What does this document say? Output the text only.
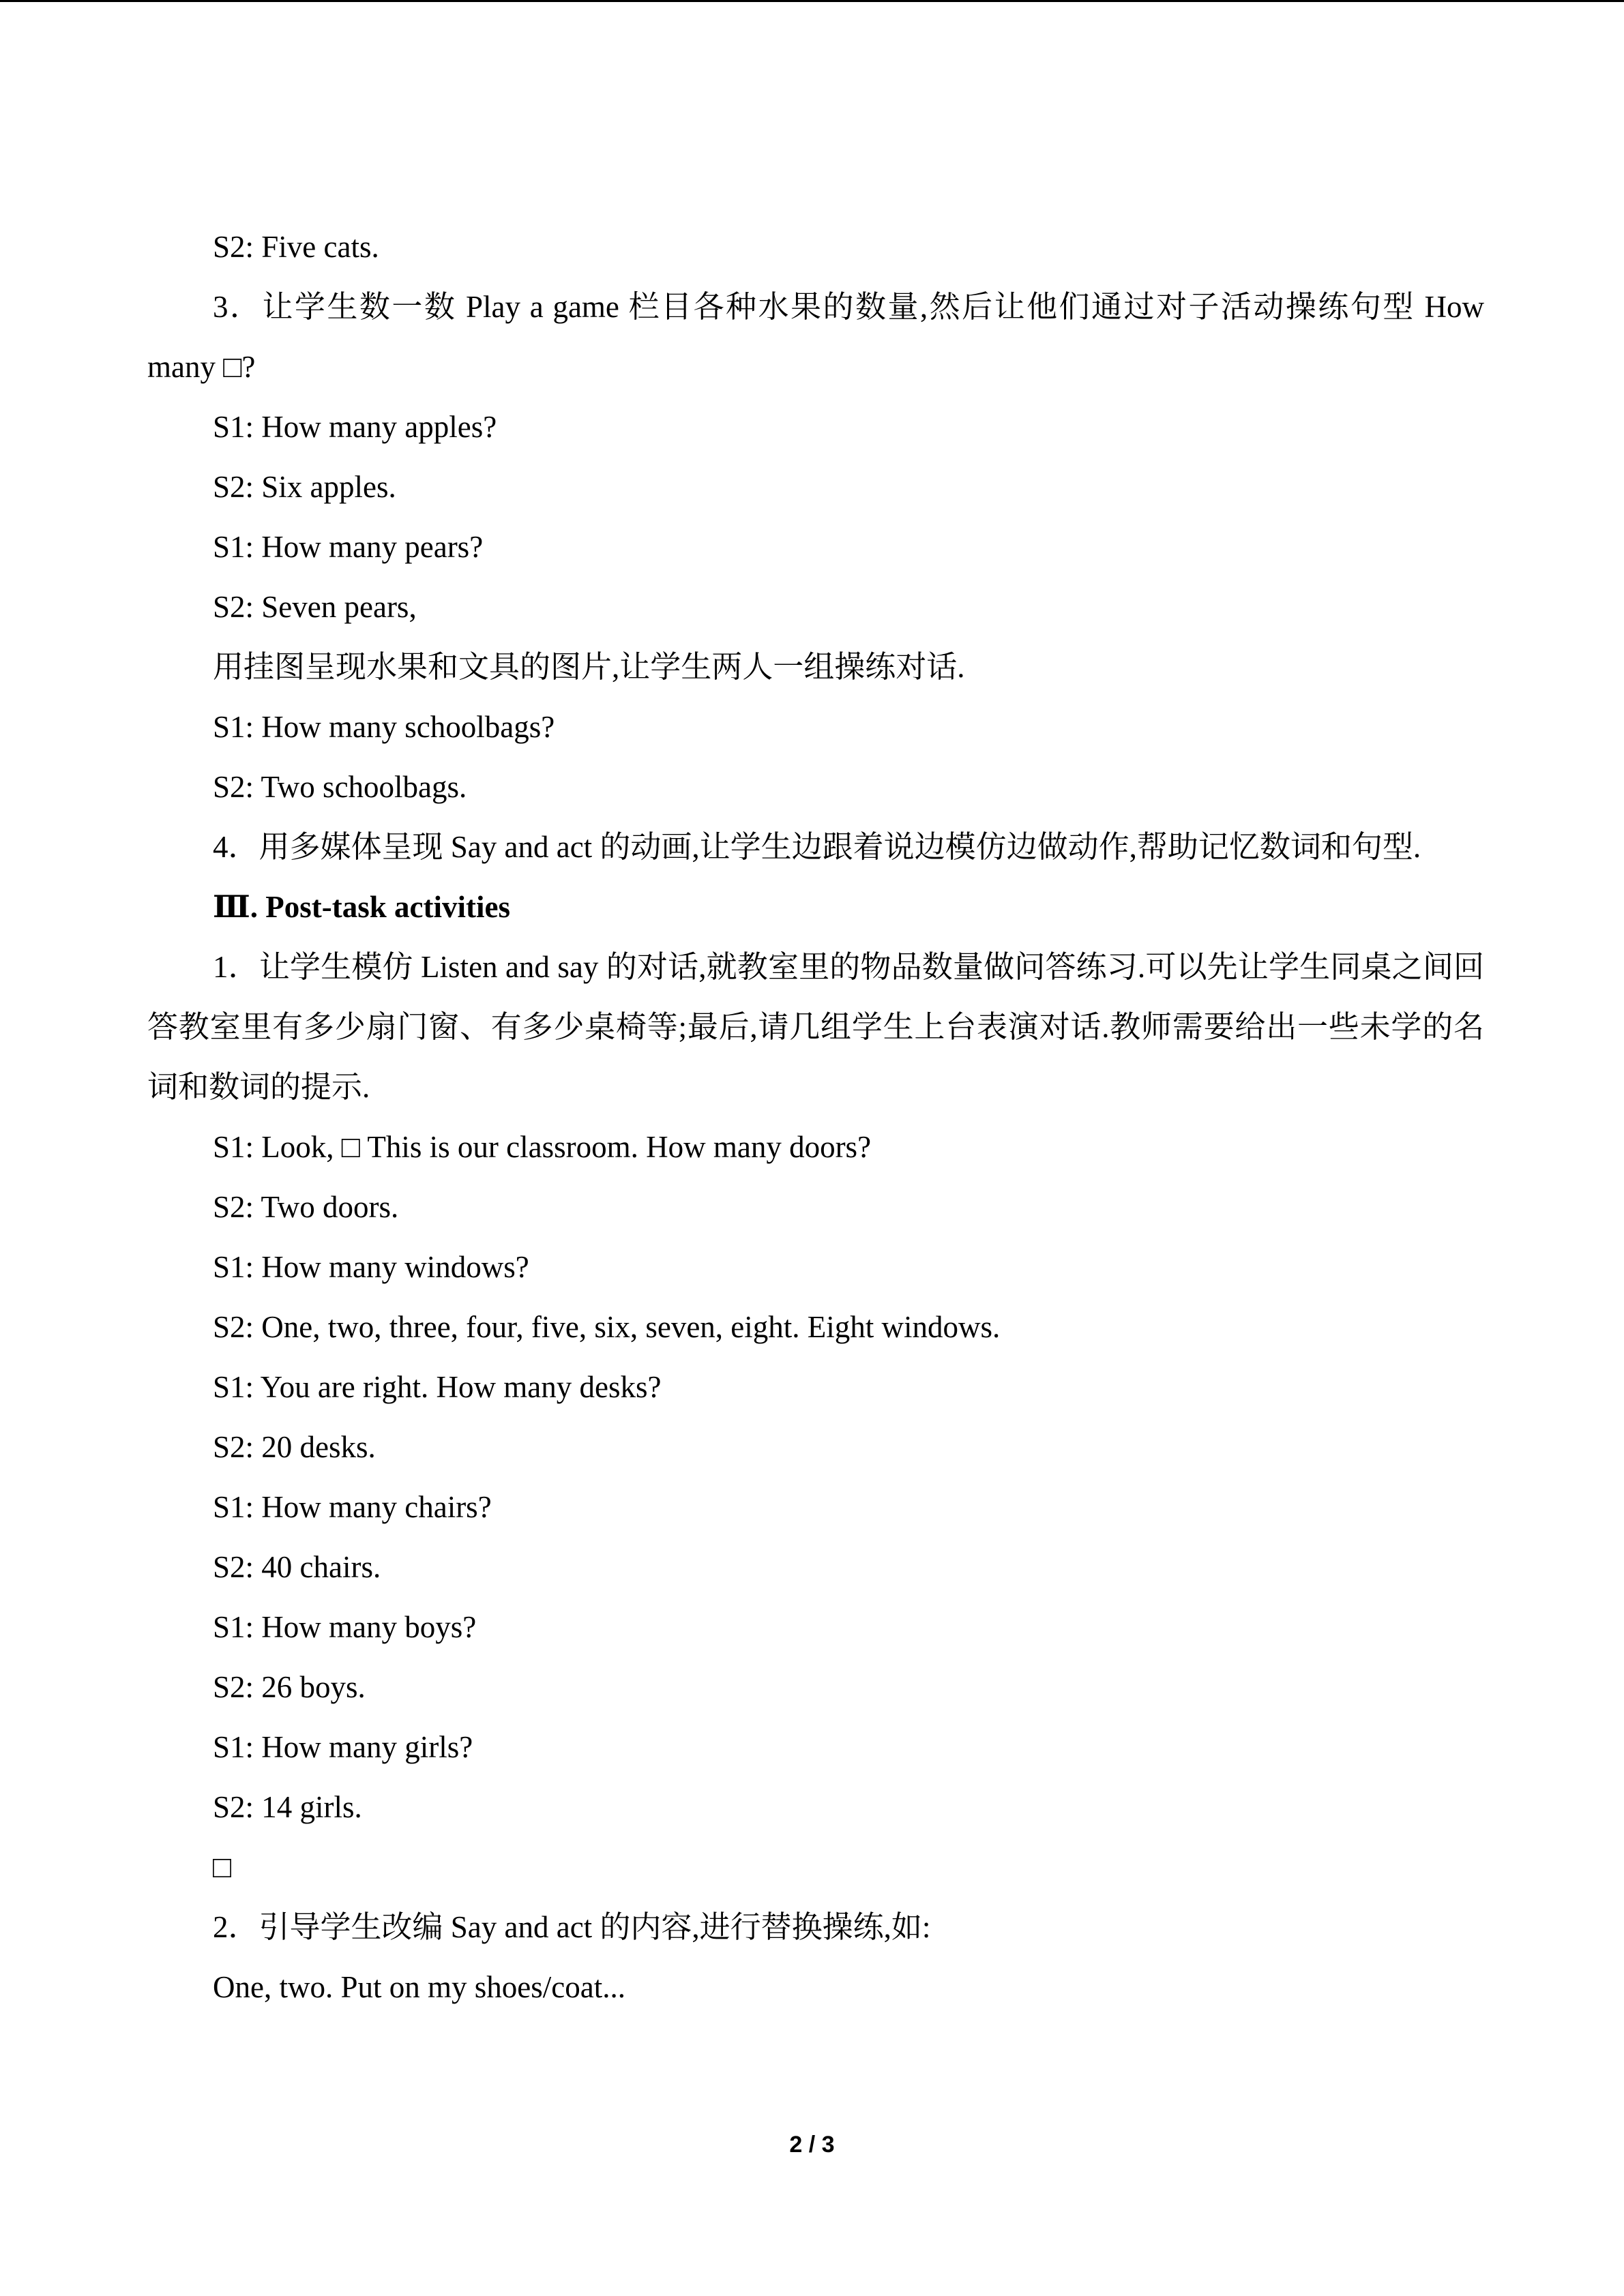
S2: Five cats.

3．让学生数一数 Play a game 栏目各种水果的数量,然后让他们通过对子活动操练句型 How many □?

S1: How many apples?

S2: Six apples.

S1: How many pears?

S2: Seven pears,

用挂图呈现水果和文具的图片,让学生两人一组操练对话.

S1: How many schoolbags?

S2: Two schoolbags.

4．用多媒体呈现 Say and act 的动画,让学生边跟着说边模仿边做动作,帮助记忆数词和句型.

Ⅲ. Post-task activities

1．让学生模仿 Listen and say 的对话,就教室里的物品数量做问答练习.可以先让学生同桌之间回答教室里有多少扇门窗、有多少桌椅等;最后,请几组学生上台表演对话.教师需要给出一些未学的名词和数词的提示.

S1: Look, □ This is our classroom. How many doors?

S2: Two doors.

S1: How many windows?

S2: One, two, three, four, five, six, seven, eight. Eight windows.

S1: You are right. How many desks?

S2: 20 desks.

S1: How many chairs?

S2: 40 chairs.

S1: How many boys?

S2: 26 boys.

S1: How many girls?

S2: 14 girls.

□

2．引导学生改编 Say and act 的内容,进行替换操练,如:

One, two. Put on my shoes/coat...

2 / 3
